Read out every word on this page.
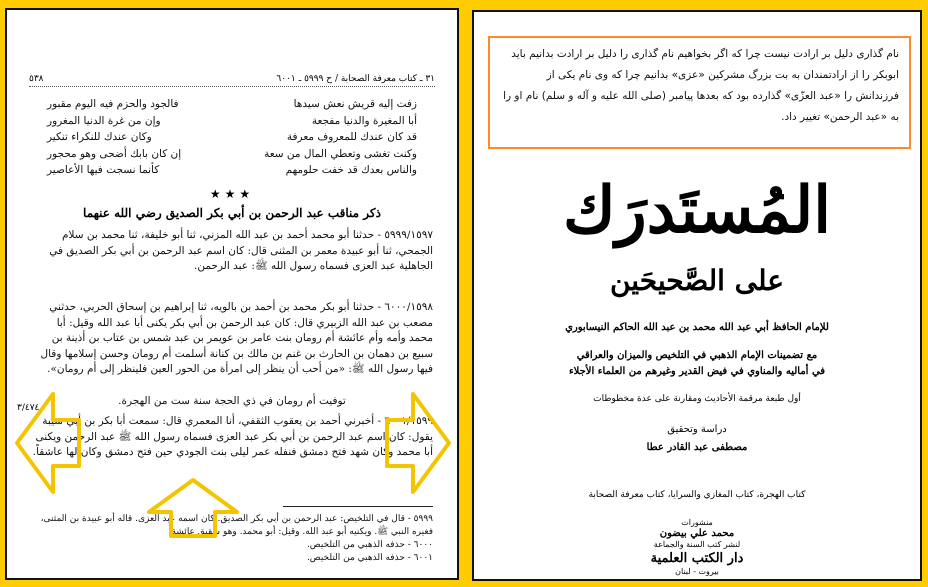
٣١ ـ كتاب معرفة الصحابة / ح ٥٩٩٩ ـ ٦٠٠١
٥٣٨
زفت إليه قريش نعش سيدها
فالجود والحزم فيه اليوم مقبور
أبا المغيرة والدنيا مفجعة
وإن من غرة الدنيا المغرور
قد كان عندك للمعروف معرفة
وكان عندك للنكراء تنكير
وكنت تغشى وتعطي المال من سعة
إن كان بابك أضحى وهو محجور
والناس بعدك قد خفت حلومهم
كأنما نسجت فيها الأعاصير
★★★
ذكر مناقب عبد الرحمن بن أبي بكر الصديق رضي الله عنهما
٥٩٩٩/١٥٩٧ - حدثنا أبو محمد أحمد بن عبد الله المزني، ثنا أبو خليفة، ثنا محمد بن سلام الجمحي، ثنا أبو عبيدة معمر بن المثنى قال: كان اسم عبد الرحمن بن أبي بكر الصديق في الجاهلية عبد العزى فسماه رسول الله ﷺ: عبد الرحمن.
٦٠٠٠/١٥٩٨ - حدثنا أبو بكر محمد بن أحمد بن بالويه، ثنا إبراهيم بن إسحاق الحربي، حدثني مصعب بن عبد الله الزبيري قال: كان عبد الرحمن بن أبي بكر يكنى أبا عبد الله وقيل: أبا محمد وأمه وأم عائشة أم رومان بنت عامر بن عويمر بن عبد شمس بن عتاب بن أذينة بن سبيع بن دهمان بن الحارث بن غنم بن مالك بن كنانة أسلمت أم رومان وحسن إسلامها وقال فيها رسول الله ﷺ: «من أحب أن ينظر إلى امرأة من الحور العين فلينظر إلى أم رومان».
توفيت أم رومان في ذي الحجة سنة ست من الهجرة.
٣/٤٧٤
٦٠٠١/١٥٩٩ - أخبرني أحمد بن يعقوب الثقفي، أنا المعمري قال: سمعت أبا بكر بن أبي شيبة يقول: كان اسم عبد الرحمن بن أبي بكر عبد العزى فسماه رسول الله ﷺ عبد الرحمن ويكنى أبا محمد وكان شهد فتح دمشق فنفله عمر ليلى بنت الجودي حين فتح دمشق وكان لها عاشقاً.
٥٩٩٩ - قال في التلخيص: عبد الرحمن بن أبي بكر الصديق. كان اسمه عبد العزى. قاله أبو عبيدة بن المثنى، فغيره النبي ﷺ. ويكنيه أبو عبد الله. وقيل: أبو محمد. وهو شقيق عائشة.
٦٠٠٠ - حذفه الذهبي من التلخيص.
٦٠٠١ - حذفه الذهبي من التلخيص.
نام گذاری دلیل بر ارادت نیست چرا که اگر بخواهیم نام گذاری را دلیل بر ارادت بدانیم باید ابوبکر را از ارادتمندان به بت بزرگ مشرکین «عزی» بدانیم چرا که وی نام یکی از فرزندانش را «عبد العزّی» گذارده بود که بعدها پیامبر (صلی الله علیه و آله و سلم) نام او را به «عبد الرحمن» تغییر داد.
المُستَدرَك
على الصَّحيحَين
للإمام الحافظ أبي عبد الله محمد بن عبد الله الحاكم النيسابوري
مع تضمينات الإمام الذهبي في التلخيص والميزان والعراقي
في أماليه والمناوي في فيض القدير وغيرهم من العلماء الأجلاء
أول طبعة مرقمة الأحاديث ومقارنة على عدة مخطوطات
دراسة وتحقيق
مصطفى عبد القادر عطا
كتاب الهجرة، كتاب المغازي والسرايا، كتاب معرفة الصحابة
منشورات
محمد علي بيضون
لنشر كتب السنة والجماعة
دار الكتب العلمية
بيروت - لبنان
